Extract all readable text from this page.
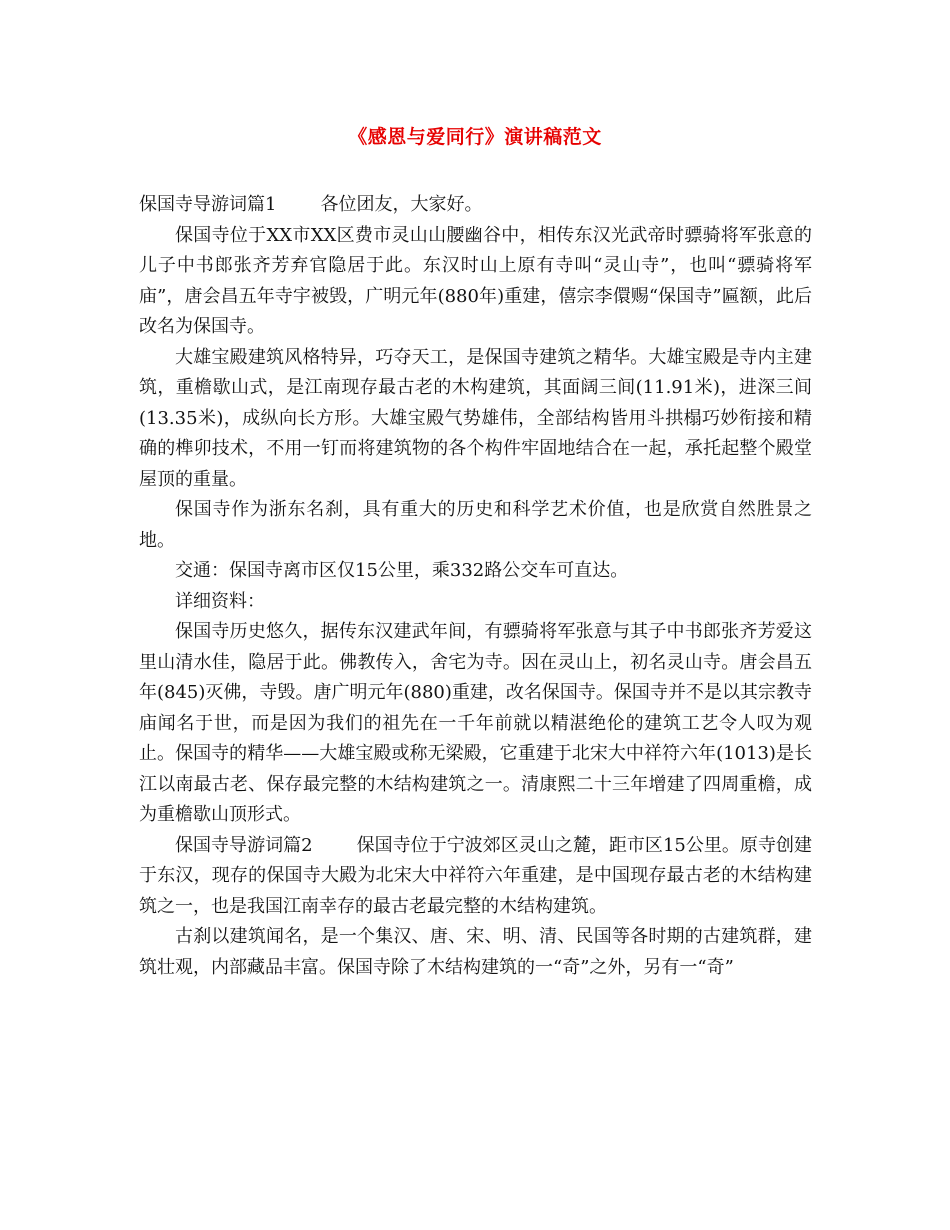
《感恩与爱同行》演讲稿范文

保国寺导游词篇1 各位团友，大家好。

保国寺位于XX市XX区费市灵山山腰幽谷中，相传东汉光武帝时骠骑将军张意的儿子中书郎张齐芳弃官隐居于此。东汉时山上原有寺叫“灵山寺”，也叫“骠骑将军庙”，唐会昌五年寺宇被毁，广明元年(880年)重建，僖宗李儇赐“保国寺”匾额，此后改名为保国寺。

大雄宝殿建筑风格特异，巧夺天工，是保国寺建筑之精华。大雄宝殿是寺内主建筑，重檐歇山式，是江南现存最古老的木构建筑，其面阔三间(11.91米)，进深三间(13.35米)，成纵向长方形。大雄宝殿气势雄伟，全部结构皆用斗拱榻巧妙衔接和精确的榫卯技术，不用一钉而将建筑物的各个构件牢固地结合在一起，承托起整个殿堂屋顶的重量。

保国寺作为浙东名刹，具有重大的历史和科学艺术价值，也是欣赏自然胜景之地。

交通：保国寺离市区仅15公里，乘332路公交车可直达。

详细资料：

保国寺历史悠久，据传东汉建武年间，有骠骑将军张意与其子中书郎张齐芳爱这里山清水佳，隐居于此。佛教传入，舍宅为寺。因在灵山上，初名灵山寺。唐会昌五年(845)灭佛，寺毁。唐广明元年(880)重建，改名保国寺。保国寺并不是以其宗教寺庙闻名于世，而是因为我们的祖先在一千年前就以精湛绝伦的建筑工艺令人叹为观止。保国寺的精华——大雄宝殿或称无梁殿，它重建于北宋大中祥符六年(1013)是长江以南最古老、保存最完整的木结构建筑之一。清康熙二十三年增建了四周重檐，成为重檐歇山顶形式。

保国寺导游词篇2 保国寺位于宁波郊区灵山之麓，距市区15公里。原寺创建于东汉，现存的保国寺大殿为北宋大中祥符六年重建，是中国现存最古老的木结构建筑之一，也是我国江南幸存的最古老最完整的木结构建筑。

古刹以建筑闻名，是一个集汉、唐、宋、明、清、民国等各时期的古建筑群，建筑壮观，内部藏品丰富。保国寺除了木结构建筑的一“奇”之外，另有一“奇”
